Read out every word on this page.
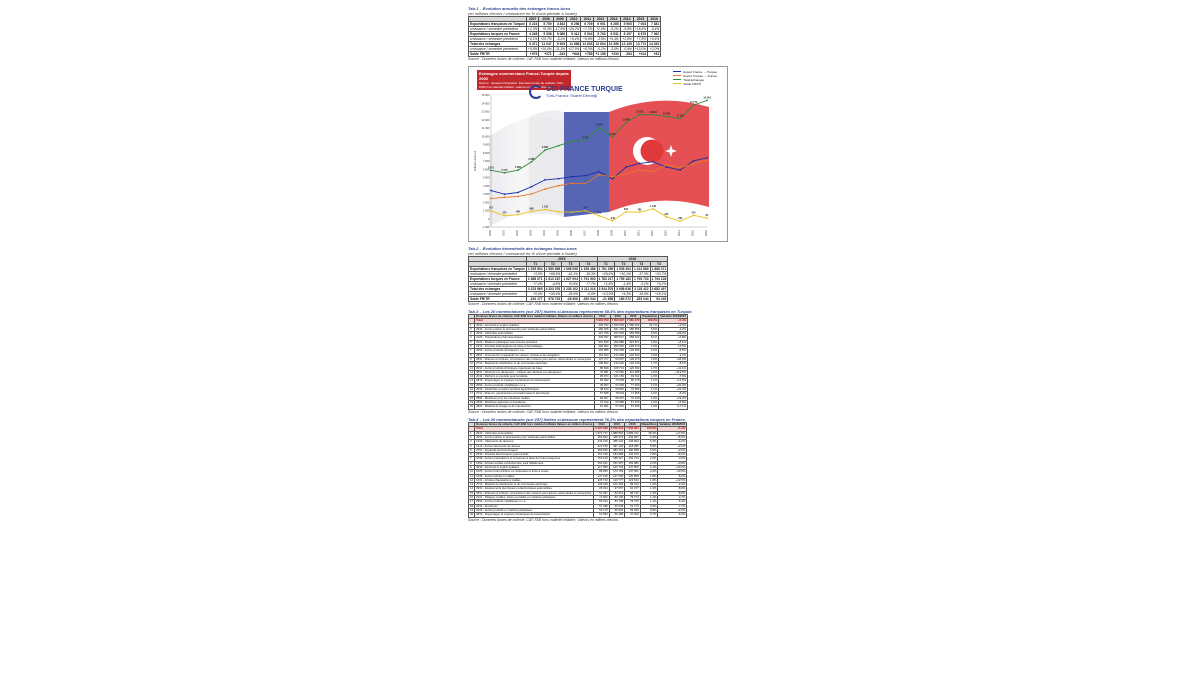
Tab.1 – Évolution annuelle des échanges franco-turcs
(en millions d'euros / croissance en % d'une période à l'autre)
	2007	2008	2009	2010	2011	2012	2013	2014	2015	2016
Exportations françaises en Turquie	5 223	5 709	4 843	6 256	6 709	6 901	6 265	5 905	7 003	7 381
croissance / semestre précédent	+2,3%	+9,3%	-17,9%	+29,2%	+7,2%	+2,9%	-9,2%	-5,8%	+18,6%	-5,4%
Exportations turques en France	4 248	5 338	5 086	5 412	5 924	5 703	6 531	6 197	6 679	7 062
croissance / semestre précédent	+0,1%	+25,7%	-5,2%	+6,4%	+9,5%	-3,9%	+5,4%	+2,8%	+7,8%	+5,4%
Total des échanges	9 471	11 047	9 929	11 668	12 633	12 604	12 396	12 139	13 772	14 343
croissance / semestre précédent	+0,8%	+16,6%	-11,3%	+17,5%	+8,3%	-0,2%	-3,5%	-0,9%	+13,0%	+2,0%
Solde FR/TR	+975	+371	-243	+844	+785	+1 198	+234	-294	+414	+81
Source : Données brutes de collecte, CAF-FAB hors matériel militaire, Valeurs en millions d'euros
-1 000
0
1 000
2 000
3 000
4 000
5 000
6 000
7 000
8 000
9 000
10 000
11 000
12 000
13 000
14 000
15 000
millions d'euros
2000	2001	2002	2003	2004	2005	2006	2007	2008	2009	2010	2011	2012	2013	2014	2015	2016
5 871
5 575
5 886
6 888
8 308
9 471
11 047
9 929
11 668
12 633	12 604
12 396
12 139
13 772
14 343
971
375	486
888
1 108	975
371
-243
844	785
1 198
234
-294
414
81
Echanges commerciaux France-Turquie depuis 2000
Source : douanes françaises. Données brutes de collecte, CAF-FAB hors matériel militaire, valeurs en millions d'euros
CCI FRANCE TURQUIE
Türk-Fransız Ticaret Derneği
Export France → Turquie
Export Turquie → France
Total Echanges
Solde FR/TR
Tab.2 – Évolution trimestrielle des échanges franco-turcs
(en millions d'euros / croissance en % d'une période à l'autre)
	2015				2016			
	T1	T2	T3	T4	T1	T2	T3	T4
Exportations françaises en Turquie	1 535 894	2 589 889	1 608 098	1 359 486	1 761 359	1 939 454	1 412 689	1 888 371
croissance / trimestre précédent	+3,0%	+68,6%	-61,1%	-18,3%	+29,6%	+10,1%	-37,3%	+33,7%
Exportations turques en France	1 688 071	1 613 187	1 627 004	1 751 530	1 783 217	1 759 182	1 705 733	1 794 126
croissance / trimestre précédent	+7,4%	-4,6%	+0,9%	+7,7%	+1,8%	-1,4%	-3,1%	+5,2%
Total des échanges	3 223 965	4 203 076	3 235 102	3 111 016	3 544 576	3 698 636	3 118 422	3 682 497
croissance / trimestre précédent	+5,6%	+30,4%	-29,9%	-0,6%	+13,9%	+4,3%	-18,6%	+18,1%
Solde FR/TR	-152 177	976 702	-18 906	-392 044	-21 858	180 272	-293 044	94 245
Source : Données brutes de collecte, CAF-FAB hors matériel militaire, Valeurs en milliers d'euros
Tab.3 – Les 20 nomenclatures (sur 257) listées ci-dessous représentent 69,4% des exportations françaises en Turquie.
	Données brutes de collecte, CAF-FAB hors matériel militaire, Valeurs en milliers d'euros	2014	2015	2016	Répartition	Variation 2016/2015
	Total	5 904 709	7 002 997	7 381 472	100,0%	+5,4%
1	3030 - Aéronefs et engins spatiaux	429 752	1 533 653	1 586 622	22,7%	+3,5%
2	2932 - Autres parties et accessoires pour véhicules automobiles	482 205	491 446	485 556	6,9%	-1,2%
3	2910 - Véhicules automobiles	107 708	347 525	459 588	6,5%	+29,2%
4	2120 - Préparations pharmaceutiques	329 937	380 517	358 022	5,1%	+0,8%
5	2016 - Matières plastiques sous formes primaires	301 530	292 885	315 871	4,6%	+8,1%
6	2410 - Produits sidérurgiques de base et ferroalliages	496 282	350 910	299 579	4,3%	-14,5%
7	2059 - Autres produits chimiques n.c.a.	154 955	152 958	139 990	2,0%	-8,5%
8	2651 - Instruments et appareils de mesure, d'essai et de navigation	119 520	134 368	132 932	1,9%	-1,1%
9	2811 - Moteurs et turbines, à l'exclusion des moteurs pour avions, automobiles et motocycles	137 277	84 807	128 970	1,8%	+36,9%
10	2712 - Matériel de distribution et de commande électrique	108 502	132 092	122 139	1,7%	-8,1%
11	2014 - Autres produits chimiques organiques de base	86 699	108 713	120 352	1,7%	+11,1%
12	3811 - Déchets non dangereux ; collecte des déchets non dangereux	76 081	50 592	111 085	1,6%	+119,5%
13	2042 - Parfums et produits pour la toilette	95 974	101 153	94 012	1,3%	-7,6%
14	2815 - Engrenages et organes mécaniques de transmission	84 092	73 938	80 178	1,1%	+12,5%
15	2599 - Autres produits métalliques n.c.a.	45 257	64 393	77 000	1,1%	+20,3%
16	2020 - Pesticides et autres produits agrochimiques	48 614	60 862	76 685	1,1%	+22,4%
17	2711 - Moteurs, génératrices et transformateurs électriques	57 698	78 603	71 905	1,0%	-8,2%
18	2894 - Machines pour les industries textiles	82 607	55 937	70 290	1,0%	+19,2%
19	2830 - Machines agricoles et forestières	37 012	63 986	67 676	1,0%	+5,8%
20	2822 - Matériel de levage et de manutention	61 961	57 616	67 465	1,0%	+17,1%
Source : Données brutes de collecte, CAF-FAB hors matériel militaire, Valeurs en milliers d'euros
Tab.4 – Les 20 nomenclatures (sur 257) listées ci-dessous représentent 76,2% des exportations turques en France.
	Données brutes de collecte, CAF-FAB hors matériel militaire Valeurs en milliers d'euros	2014	2015	2016	Répartition	Variation 2016/2015
	Total	6 197 538	6 679 919	7 062 264	100,0%	+5,4%
1	2910 - Véhicules automobiles	1 572 747	1 888 854	1 989 722	28,3%	+17,8%
2	2932 - Autres parties et accessoires pour véhicules automobiles	363 502	428 372	452 057	6,4%	+5,5%
3	1413 - Vêtements de dessous	444 216	465 122	446 064	6,3%	-4,2%
4	1413 - Autres vêtements de dessus	422 150	397 125	418 295	5,9%	+2,1%
5	2751 - Appareils électroménagers	369 825	380 331	390 058	5,5%	+2,6%
6	2640 - Produits électroniques grand public	151 235	184 088	194 679	2,8%	+8,2%
7	1039 - Autres préparations et conserves à base de fruits et légumes	163 120	188 327	181 733	2,6%	-3,6%
8	1392 - Articles textiles confectionnés, sauf habillement	154 621	151 957	152 980	2,2%	+0,6%
9	3030 - Aéronefs et engins spatiaux	117 865	130 744	147 900	2,1%	+13,2%
10	0125 - Autres fruits d'arbres ou d'arbustes et fruits à coque	88 655	173 769	137 501	2,0%	-20,9%
11	1439 - Autres articles à mailles	137 105	137 530	120 858	1,8%	-8,2%
12	1431 - Articles chaussants à mailles	105 723	110 777	123 513	1,8%	+12,5%
13	2712 - Matériel de distribution et de commande électrique	109 918	101 093	99 072	1,4%	-2,4%
14	2931 - Équipements électriques et électroniques automobiles	95 304	97 657	91 477	1,3%	-8,8%
15	2811 - Moteurs et turbines, à l'exclusion des moteurs pour avions, automobiles et motocycles	91 387	84 512	88 730	1,3%	-8,5%
16	2221 - Plaques, feuilles, tubes et profilés en matières plastiques	71 502	82 130	79 774	1,1%	-3,7%
17	2599 - Autres produits métalliques n.c.a.	66 914	83 788	78 720	1,1%	-6,4%
18	2442 - Aluminium	57 498	66 548	61 776	0,9%	-7,7%
19	2229 - Autres produits en matières plastiques	52 175	56 520	59 266	0,8%	+4,9%
20	2815 - Engrenages et organes mécaniques de transmission	51 560	50 486	47 626	0,7%	-6,0%
Source : Données brutes de collecte, CAF-FAB hors matériel militaire, Valeurs en milliers d'euros
